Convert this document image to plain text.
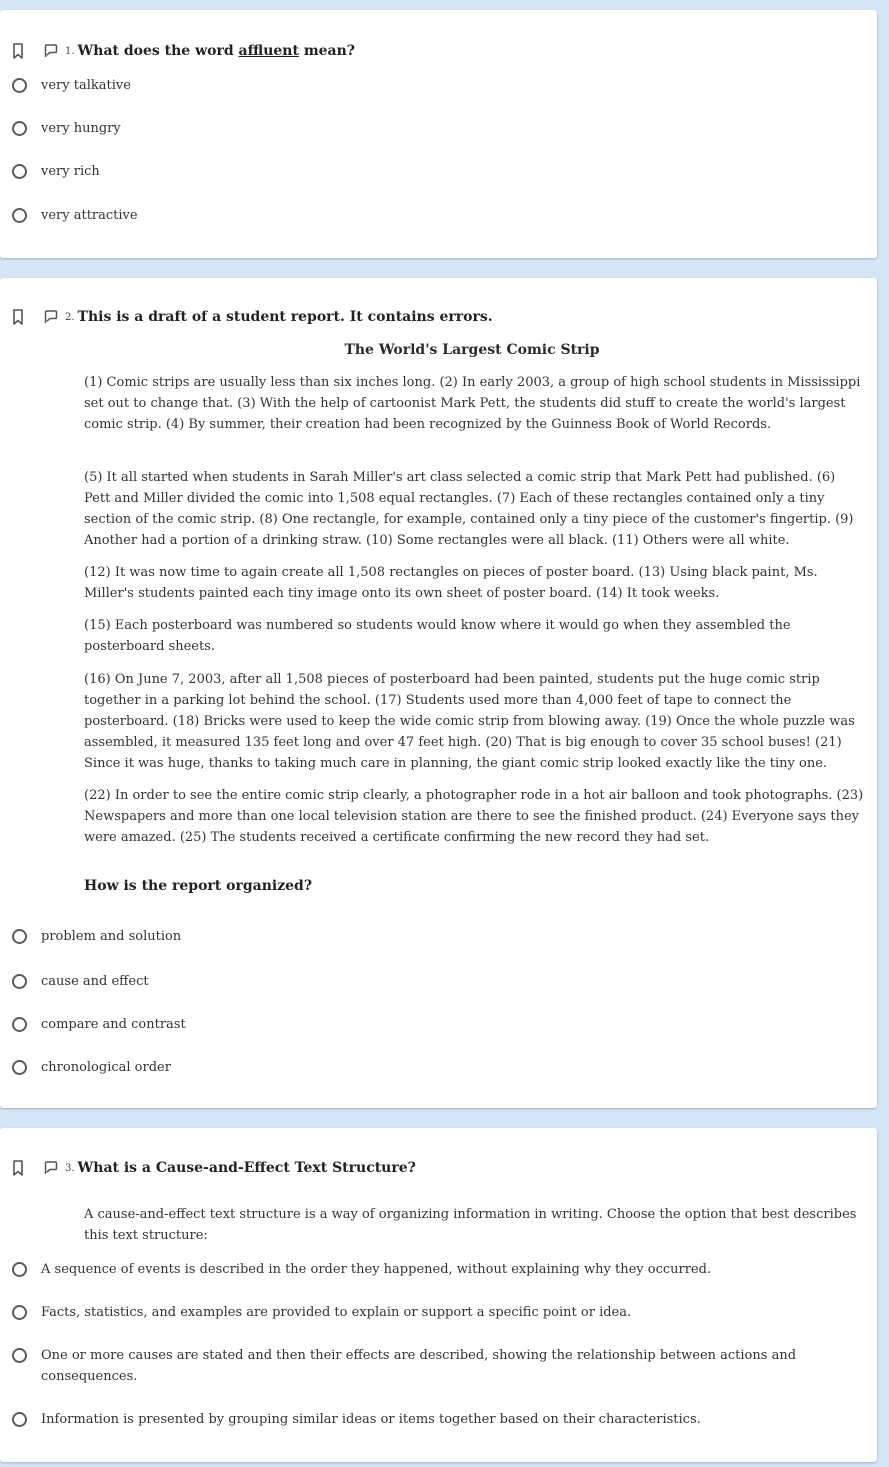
1. What does the word affluent mean?
very talkative
very hungry
very rich
very attractive
2. This is a draft of a student report. It contains errors.
The World's Largest Comic Strip

(1) Comic strips are usually less than six inches long. (2) In early 2003, a group of high school students in Mississippi set out to change that. (3) With the help of cartoonist Mark Pett, the students did stuff to create the world's largest comic strip. (4) By summer, their creation had been recognized by the Guinness Book of World Records.

(5) It all started when students in Sarah Miller's art class selected a comic strip that Mark Pett had published. (6) Pett and Miller divided the comic into 1,508 equal rectangles. (7) Each of these rectangles contained only a tiny section of the comic strip. (8) One rectangle, for example, contained only a tiny piece of the customer's fingertip. (9) Another had a portion of a drinking straw. (10) Some rectangles were all black. (11) Others were all white.

(12) It was now time to again create all 1,508 rectangles on pieces of poster board. (13) Using black paint, Ms. Miller's students painted each tiny image onto its own sheet of poster board. (14) It took weeks.

(15) Each posterboard was numbered so students would know where it would go when they assembled the posterboard sheets.

(16) On June 7, 2003, after all 1,508 pieces of posterboard had been painted, students put the huge comic strip together in a parking lot behind the school. (17) Students used more than 4,000 feet of tape to connect the posterboard. (18) Bricks were used to keep the wide comic strip from blowing away. (19) Once the whole puzzle was assembled, it measured 135 feet long and over 47 feet high. (20) That is big enough to cover 35 school buses! (21) Since it was huge, thanks to taking much care in planning, the giant comic strip looked exactly like the tiny one.

(22) In order to see the entire comic strip clearly, a photographer rode in a hot air balloon and took photographs. (23) Newspapers and more than one local television station are there to see the finished product. (24) Everyone says they were amazed. (25) The students received a certificate confirming the new record they had set.

How is the report organized?
problem and solution
cause and effect
compare and contrast
chronological order
3. What is a Cause-and-Effect Text Structure?

A cause-and-effect text structure is a way of organizing information in writing. Choose the option that best describes this text structure:

A sequence of events is described in the order they happened, without explaining why they occurred.
Facts, statistics, and examples are provided to explain or support a specific point or idea.
One or more causes are stated and then their effects are described, showing the relationship between actions and consequences.
Information is presented by grouping similar ideas or items together based on their characteristics.
